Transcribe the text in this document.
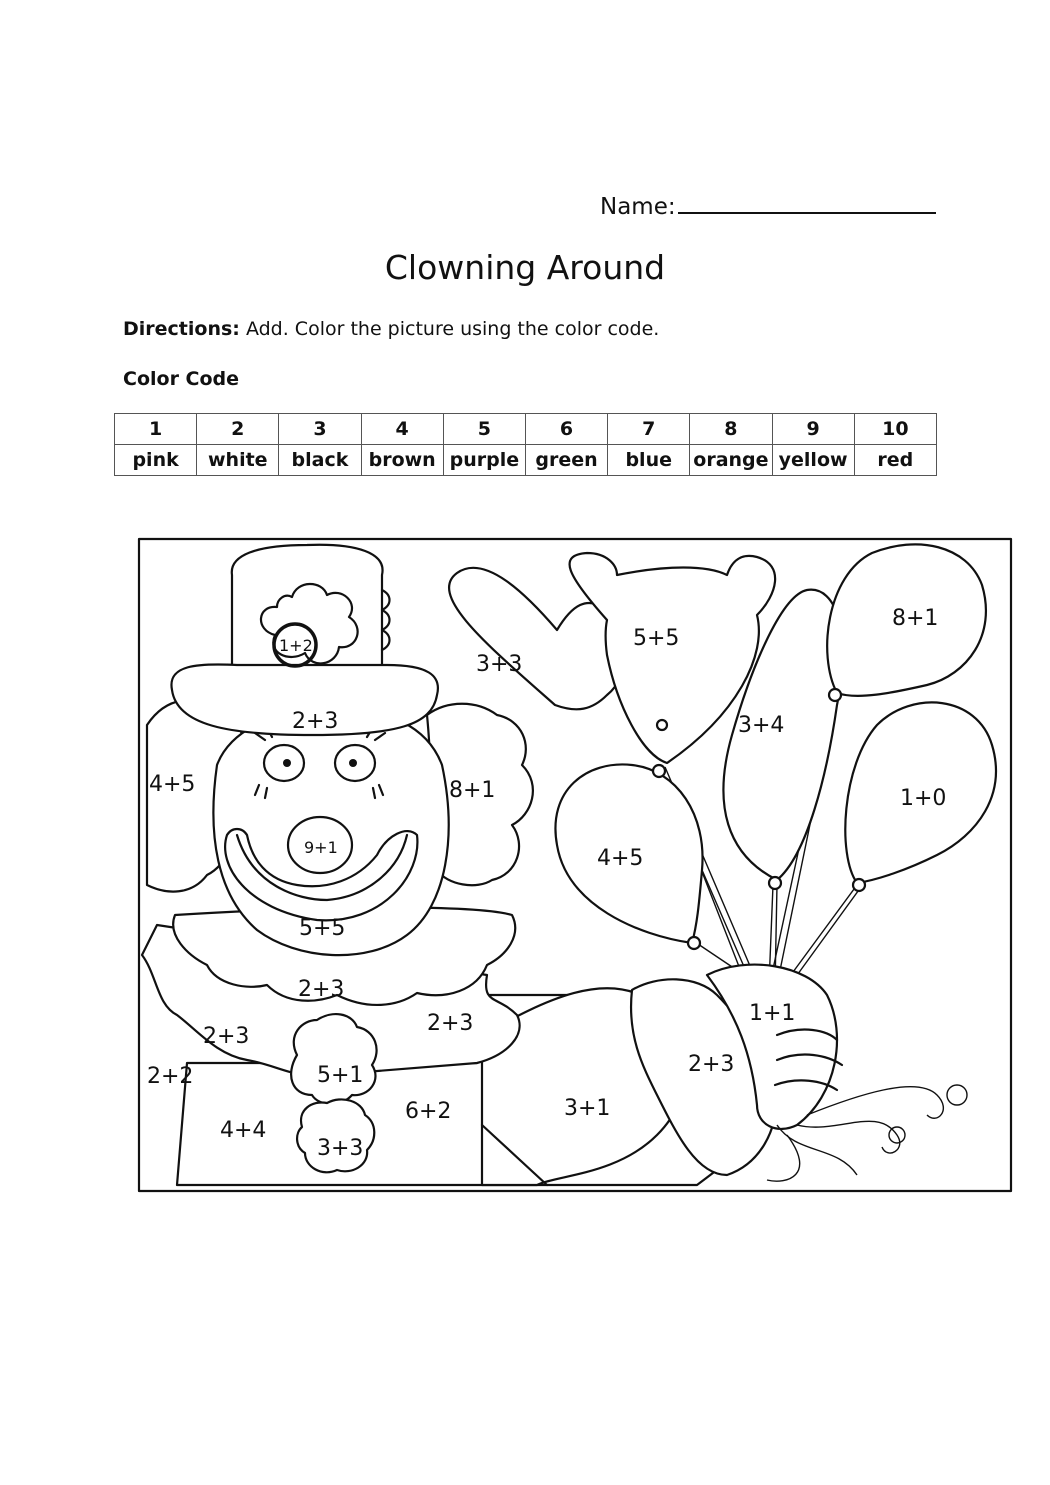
Name:
Clowning Around
Directions: Add. Color the picture using the color code.
Color Code
1	2	3	4	5	6	7	8	9	10
pink	white	black	brown	purple	green	blue	orange	yellow	red
1+2
2+3
4+5	8+1
9+1
5+5
2+3
2+3
2+3
2+2
4+4
5+1
3+3
6+2	3+1
2+3
1+1
3+3
5+5
3+4
8+1
1+0
4+5
